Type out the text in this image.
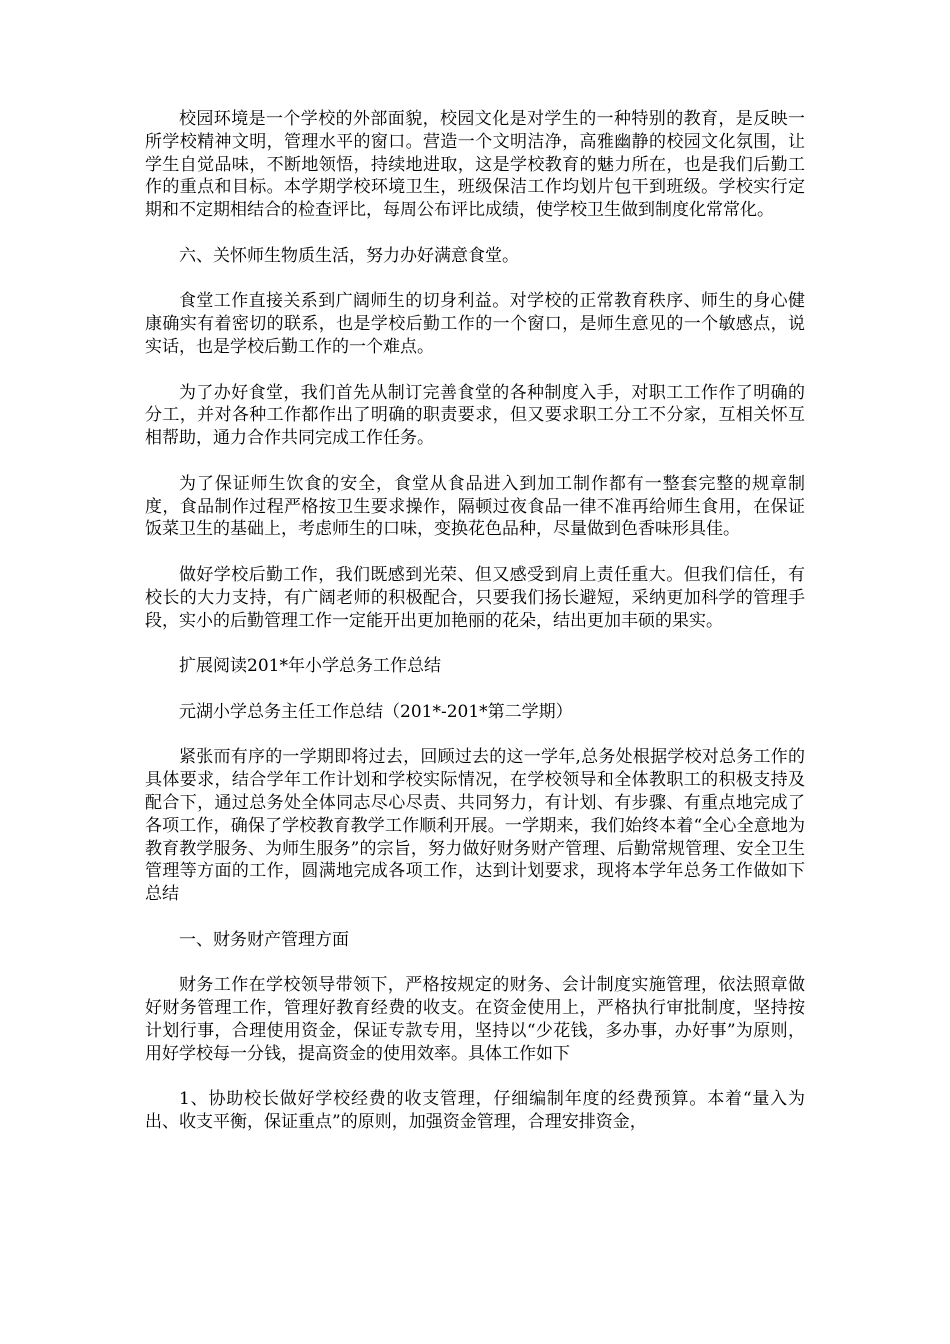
校园环境是一个学校的外部面貌，校园文化是对学生的一种特别的教育，是反映一所学校精神文明，管理水平的窗口。营造一个文明洁净，高雅幽静的校园文化氛围，让学生自觉品味，不断地领悟，持续地进取，这是学校教育的魅力所在，也是我们后勤工作的重点和目标。本学期学校环境卫生，班级保洁工作均划片包干到班级。学校实行定期和不定期相结合的检查评比，每周公布评比成绩，使学校卫生做到制度化常常化。

六、关怀师生物质生活，努力办好满意食堂。

食堂工作直接关系到广阔师生的切身利益。对学校的正常教育秩序、师生的身心健康确实有着密切的联系，也是学校后勤工作的一个窗口，是师生意见的一个敏感点，说实话，也是学校后勤工作的一个难点。

为了办好食堂，我们首先从制订完善食堂的各种制度入手，对职工工作作了明确的分工，并对各种工作都作出了明确的职责要求，但又要求职工分工不分家，互相关怀互相帮助，通力合作共同完成工作任务。

为了保证师生饮食的安全，食堂从食品进入到加工制作都有一整套完整的规章制度，食品制作过程严格按卫生要求操作，隔顿过夜食品一律不准再给师生食用，在保证饭菜卫生的基础上，考虑师生的口味，变换花色品种，尽量做到色香味形具佳。

做好学校后勤工作，我们既感到光荣、但又感受到肩上责任重大。但我们信任，有校长的大力支持，有广阔老师的积极配合，只要我们扬长避短，采纳更加科学的管理手段，实小的后勤管理工作一定能开出更加艳丽的花朵，结出更加丰硕的果实。

扩展阅读201*年小学总务工作总结

元湖小学总务主任工作总结（201*-201*第二学期）

紧张而有序的一学期即将过去，回顾过去的这一学年,总务处根据学校对总务工作的具体要求，结合学年工作计划和学校实际情况，在学校领导和全体教职工的积极支持及配合下，通过总务处全体同志尽心尽责、共同努力，有计划、有步骤、有重点地完成了各项工作，确保了学校教育教学工作顺利开展。一学期来，我们始终本着“全心全意地为教育教学服务、为师生服务”的宗旨，努力做好财务财产管理、后勤常规管理、安全卫生管理等方面的工作，圆满地完成各项工作，达到计划要求，现将本学年总务工作做如下总结

一、财务财产管理方面

财务工作在学校领导带领下，严格按规定的财务、会计制度实施管理，依法照章做好财务管理工作，管理好教育经费的收支。在资金使用上，严格执行审批制度，坚持按计划行事，合理使用资金，保证专款专用，坚持以“少花钱，多办事，办好事”为原则，用好学校每一分钱，提高资金的使用效率。具体工作如下

1、协助校长做好学校经费的收支管理，仔细编制年度的经费预算。本着“量入为出、收支平衡，保证重点”的原则，加强资金管理，合理安排资金，
